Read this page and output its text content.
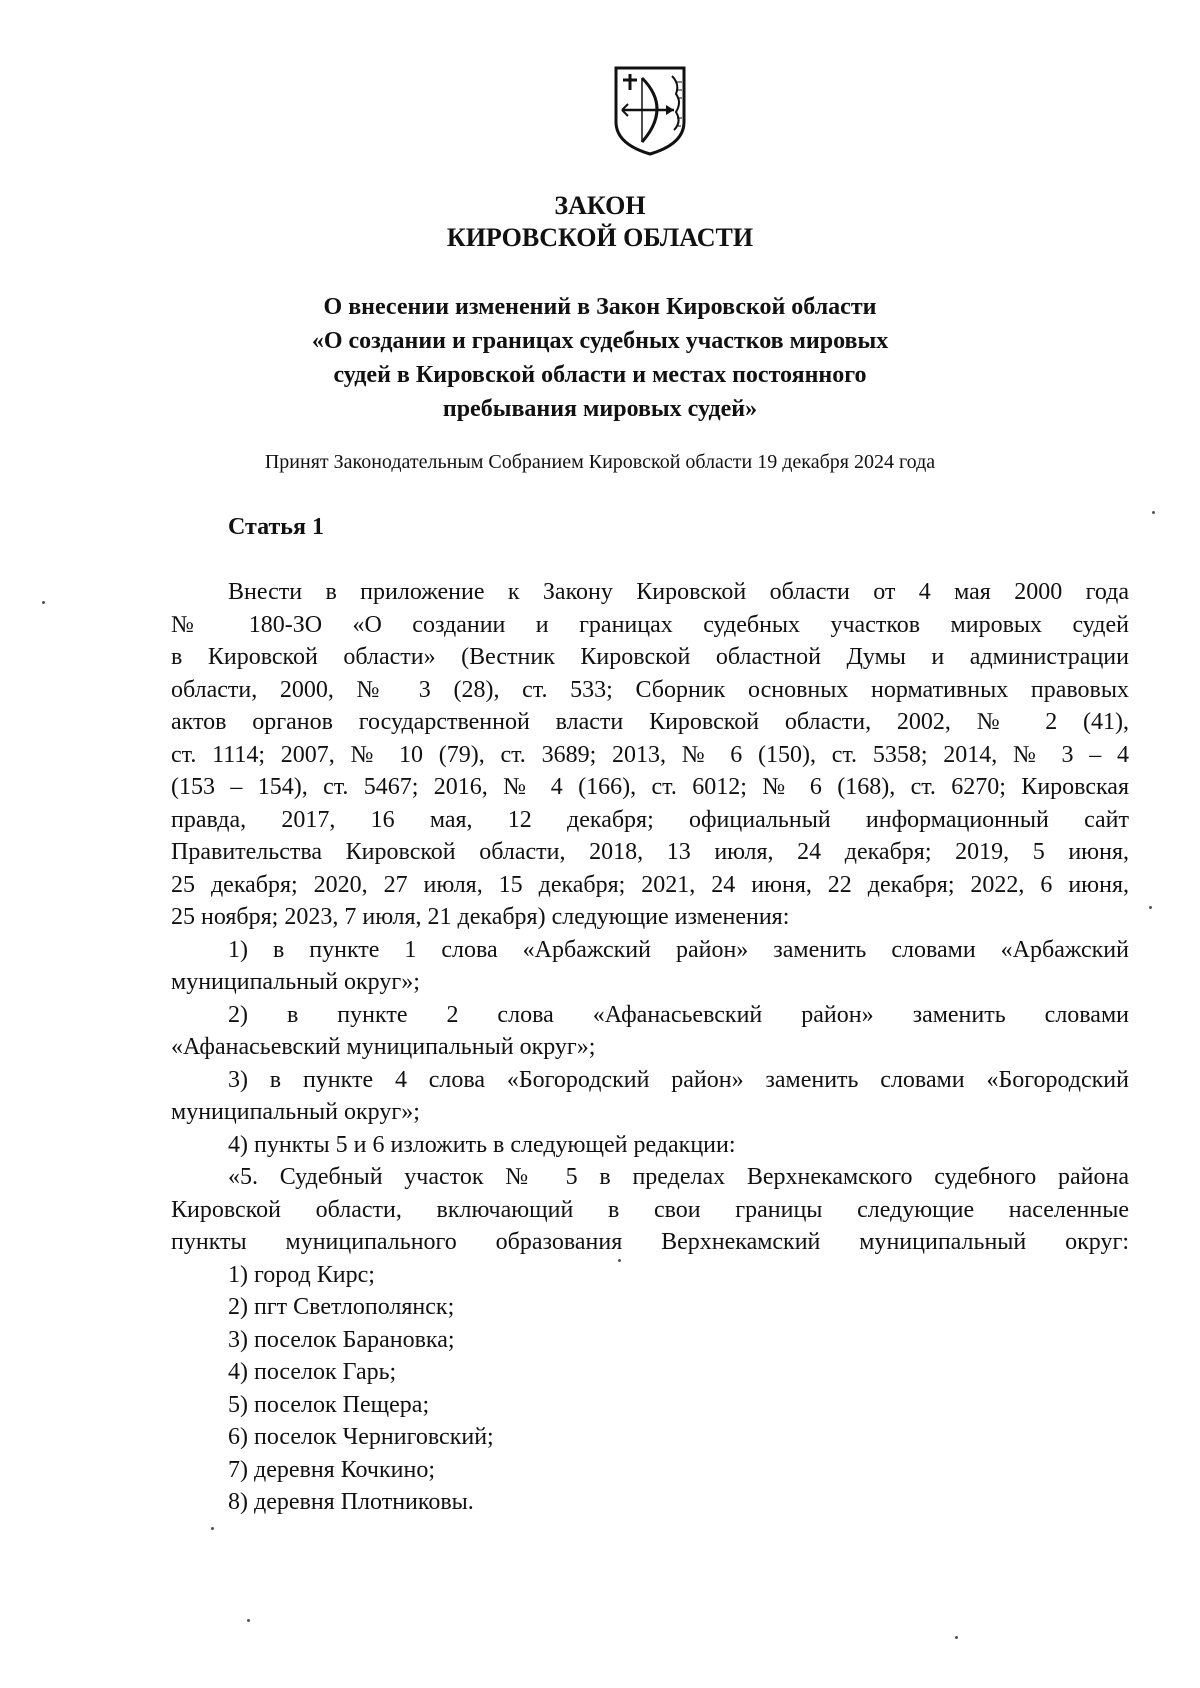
ЗАКОН
КИРОВСКОЙ ОБЛАСТИ
О внесении изменений в Закон Кировской области
«О создании и границах судебных участков мировых
судей в Кировской области и местах постоянного
пребывания мировых судей»
Принят Законодательным Собранием Кировской области 19 декабря 2024 года
Статья 1
Внести в приложение к Закону Кировской области от 4 мая 2000 года
№ 180-ЗО «О создании и границах судебных участков мировых судей
в Кировской области» (Вестник Кировской областной Думы и администрации
области, 2000, № 3 (28), ст. 533; Сборник основных нормативных правовых
актов органов государственной власти Кировской области, 2002, № 2 (41),
ст. 1114; 2007, № 10 (79), ст. 3689; 2013, № 6 (150), ст. 5358; 2014, № 3 – 4
(153 – 154), ст. 5467; 2016, № 4 (166), ст. 6012; № 6 (168), ст. 6270; Кировская
правда, 2017, 16 мая, 12 декабря; официальный информационный сайт
Правительства Кировской области, 2018, 13 июля, 24 декабря; 2019, 5 июня,
25 декабря; 2020, 27 июля, 15 декабря; 2021, 24 июня, 22 декабря; 2022, 6 июня,
25 ноября; 2023, 7 июля, 21 декабря) следующие изменения:
1) в пункте 1 слова «Арбажский район» заменить словами «Арбажский
муниципальный округ»;
2) в пункте 2 слова «Афанасьевский район» заменить словами
«Афанасьевский муниципальный округ»;
3) в пункте 4 слова «Богородский район» заменить словами «Богородский
муниципальный округ»;
4) пункты 5 и 6 изложить в следующей редакции:
«5. Судебный участок № 5 в пределах Верхнекамского судебного района
Кировской области, включающий в свои границы следующие населенные
пункты муниципального образования Верхнекамский муниципальный округ:
1) город Кирс;
2) пгт Светлополянск;
3) поселок Барановка;
4) поселок Гарь;
5) поселок Пещера;
6) поселок Черниговский;
7) деревня Кочкино;
8) деревня Плотниковы.
